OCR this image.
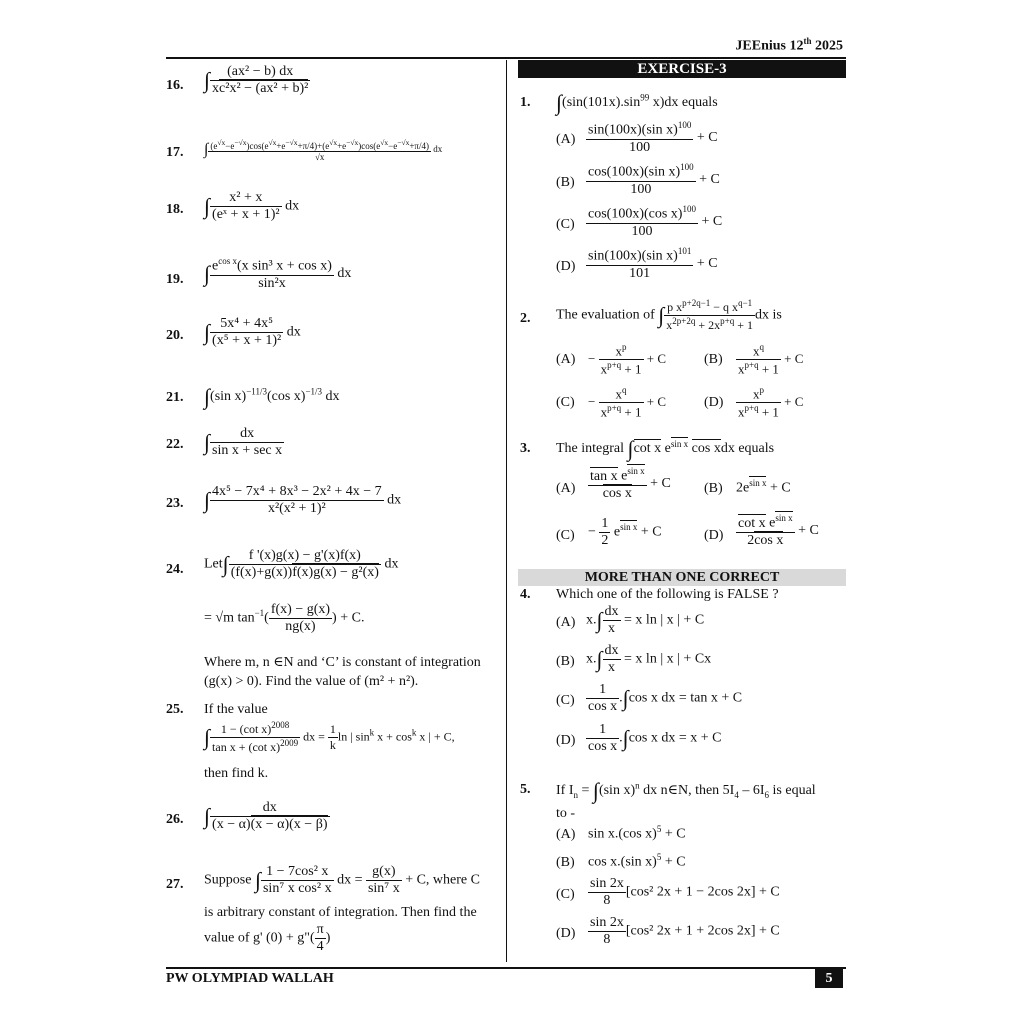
JEEnius 12th 2025
PW OLYMPIAD WALLAH	5
16. ∫ $\frac{\text{(ax² − b) dx}}{\text{xc²x² − (ax² + b)²}}$
17. ∫ $\frac{(e^{√x}-e^{-√x})\cos(e^{√x}+e^{-√x}+\pi/4)+(e^{√x}+e^{-√x})\cos(e^{√x}-e^{-√x}+\pi/4)}{√x}$ dx
18. ∫ $\frac{\text{x² + x}}{\text{(eˣ + x + 1)²}}$ dx
19. ∫ $\frac{e^{cos x}(x \sin^3 x + \cos x)}{\text{sin²x}}$ dx
20. ∫ $\frac{\text{5x⁴ + 4x⁵}}{\text{(x⁵ + x + 1)²}}$ dx
21. ∫(sin x)$^{-11/3}$(cos x)$^{-1/3}$ dx
22. ∫ $\frac{dx}{\text{sin x + sec x}}$
23. ∫ $\frac{\text{4x⁵ − 7x⁴ + 8x³ − 2x² + 4x − 7}}{\text{x²(x² + 1)²}}$ dx
24. $Let\int \frac{f '(x)g(x) - g'(x)f(x)}{\text{(f(x)+g(x))f(x)g(x) − g²(x)}}$ dx
= √m $\tan^{-1}( \frac{f(x) - g(x)}{ng(x)}$ ) + C.
Where m, n ∈N and ‘C’ is constant of integration (g(x) > 0). Find the value of (m² + n²).
25. If the value
∫ $\frac{1 - (\cot x)^{2008}}{\tan x + (\cot x)^{2009}}$ dx = $\frac{1}{k}$ ln | $\sin^k x + \cos^k x$ | + C,
then find k.
26. ∫ $\frac{dx}{(x - \alpha)(x - \alpha)(x - \beta)}$
27. Suppose ∫ $\frac{\text{1 − 7cos² x}}{\text{sin⁷ x cos² x}}$ dx = $\frac{g(x)}{\text{sin⁷ x}} + C$, where C
is arbitrary constant of integration. Then find the
value of g' (0) + g"( $\frac{\pi}{4}$ )
EXERCISE-3
1. $\int(\sin(101x).\sin^{99}$ x)dx equals
$(A) \frac{\sin(100x)(\sin x)^{100}}{100} + C$
$(B) \frac{\cos(100x)(\sin x)^{100}}{100} + C$
$(C) \frac{\cos(100x)(\cos x)^{100}}{100} + C$
$(D) \frac{\sin(100x)(\sin x)^{101}}{101} + C$
2. The evaluation of ∫ $\frac{p x^{p+2q-1} - q x^{q-1}}{x^{2p+2q} + 2x^{p+q} + 1}$ dx is
$(A) - \frac{x^p}{x^{p+q} + 1} + C$	$(B) \frac{x^q}{x^{p+q} + 1} + C$
$(C) - \frac{x^q}{x^{p+q} + 1} + C$	$(D) \frac{x^p}{x^{p+q} + 1} + C$
3. The integral ∫cot x $e^{sin x}$ cos xdx equals
$(A) \frac{\tan x e^{sin x}}{\text{cos x}} + C$ (B) $2e^{sin x} + C$
$(C) - \frac{1}{2} e^{sin x} + C$	$(D) \frac{\cot x e^{sin x}}{\text{2cos x}} + C$
MORE THAN ONE CORRECT
4. Which one of the following is FALSE ?
(A) $x.\int \frac{dx}{x} = x$ ln | x | + C
(B) $x.\int \frac{dx}{x} = x$ ln | x | + Cx
$(C) \frac{1}{\text{cos x}} .\int\cos$ x dx = tan x + C
$(D) \frac{1}{\text{cos x}} .\int\cos$ x dx = x + C
5. If $I_n = \int(\sin$ x)$^n$ dx n∈N, then $5I_4 - 6I_6$ is equal
to -
(A) sin x.(cos x)$^5$ + C
(B) cos x.(sin x)$^5$ + C
$(C) \frac{\sin 2x}{8} [\cos^2$ 2x + 1 − 2cos 2x] + C
$(D) \frac{\sin 2x}{8} [\cos^2$ 2x + 1 + 2cos 2x] + C
